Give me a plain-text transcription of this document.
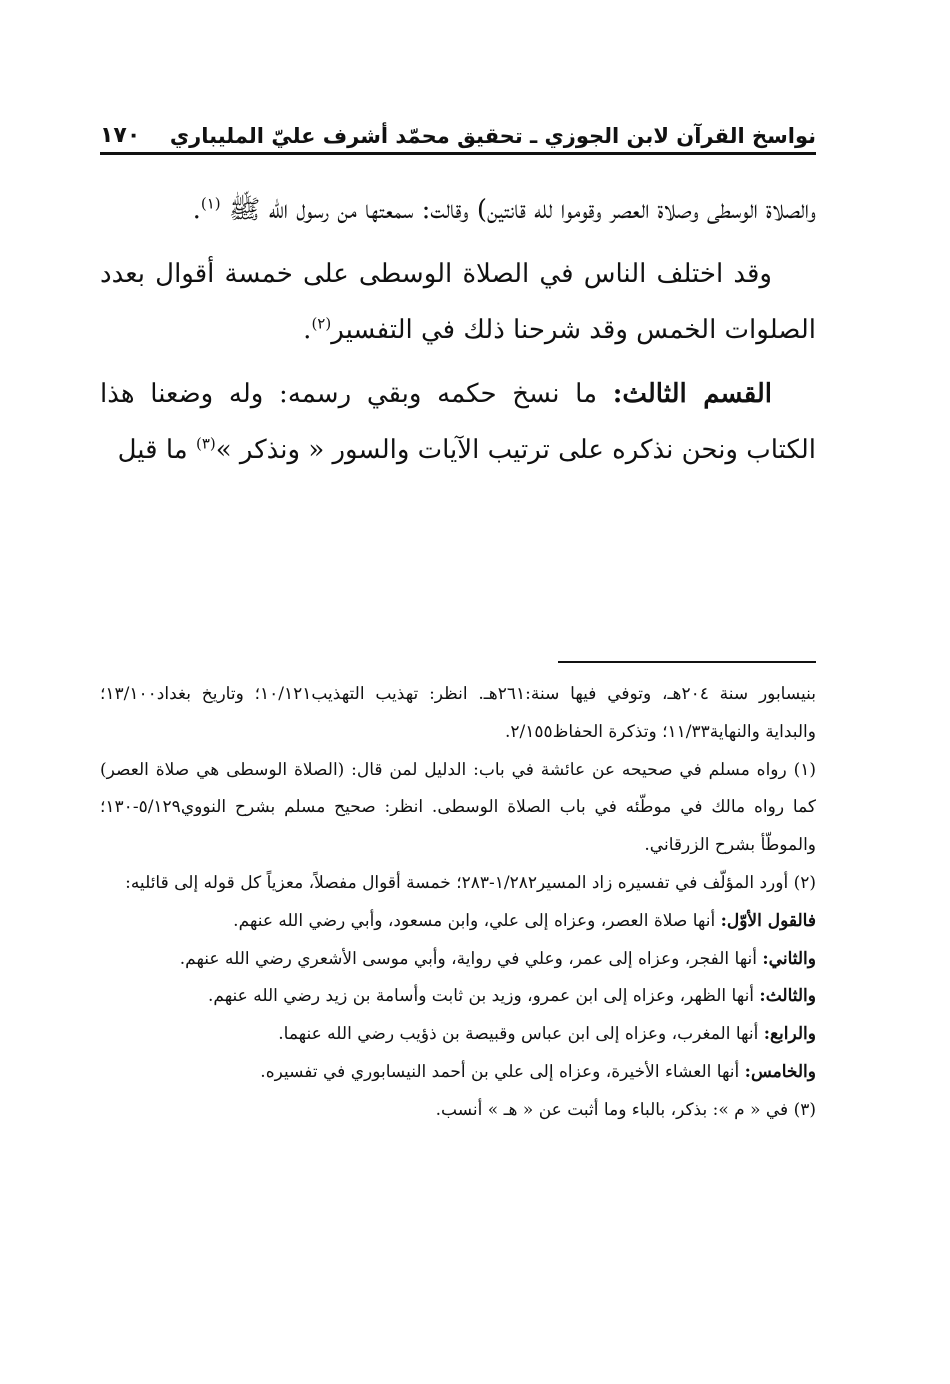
نواسخ القرآن لابن الجوزي ـ تحقيق محمّد أشرف عليّ المليباري
١٧٠

والصلاة الوسطى وصلاة العصر وقوموا لله قانتين) وقالت: سمعتها من رسول الله ﷺ $^{(١)}$.

وقد اختلف الناس في الصلاة الوسطى على خمسة أقوال بعدد الصلوات الخمس وقد شرحنا ذلك في التفسير$^{(٢)}$.

القسم الثالث: ما نسخ حكمه وبقي رسمه: وله وضعنا هذا الكتاب ونحن نذكره على ترتيب الآيات والسور « ونذكر »$^{(٣)}$ ما قيل

بنيسابور سنة ٢٠٤هـ، وتوفي فيها سنة:٢٦١هـ. انظر: تهذيب التهذيب١٠/١٢١؛ وتاريخ بغداد١٣/١٠٠؛ والبداية والنهاية١١/٣٣؛ وتذكرة الحفاظ٢/١٥٥.

(١) رواه مسلم في صحيحه عن عائشة في باب: الدليل لمن قال: (الصلاة الوسطى هي صلاة العصر) كما رواه مالك في موطّئه في باب الصلاة الوسطى. انظر: صحيح مسلم بشرح النووي٥/١٢٩-١٣٠؛ والموطّأ بشرح الزرقاني.

(٢) أورد المؤلّف في تفسيره زاد المسير١/٢٨٢-٢٨٣؛ خمسة أقوال مفصلاً، معزياً كل قوله إلى قائليه:

فالقول الأوّل: أنها صلاة العصر، وعزاه إلى علي، وابن مسعود، وأبي رضي الله عنهم.

والثاني: أنها الفجر، وعزاه إلى عمر، وعلي في رواية، وأبي موسى الأشعري رضي الله عنهم.

والثالث: أنها الظهر، وعزاه إلى ابن عمرو، وزيد بن ثابت وأسامة بن زيد رضي الله عنهم.

والرابع: أنها المغرب، وعزاه إلى ابن عباس وقبيصة بن ذؤيب رضي الله عنهما.

والخامس: أنها العشاء الأخيرة، وعزاه إلى علي بن أحمد النيسابوري في تفسيره.

(٣) في « م »: بذكر، بالباء وما أثبت عن « هـ » أنسب.
